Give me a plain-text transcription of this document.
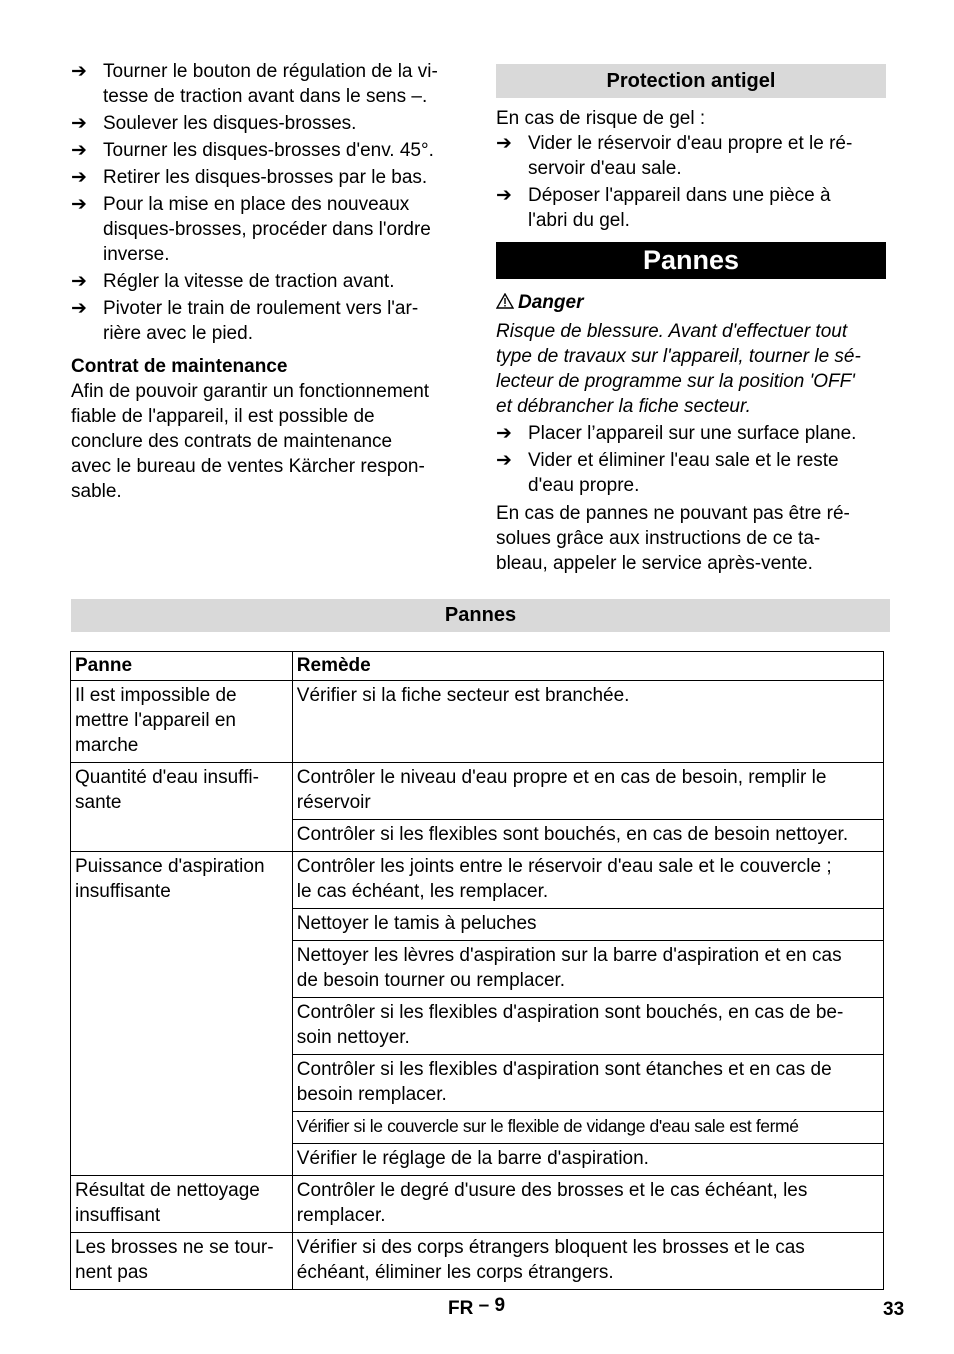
➔ Tourner le bouton de régulation de la vi-
tesse de traction avant dans le sens –.
➔ Soulever les disques-brosses.
➔ Tourner les disques-brosses d'env. 45°.
➔ Retirer les disques-brosses par le bas.
➔ Pour la mise en place des nouveaux
disques-brosses, procéder dans l'ordre
inverse.
➔ Régler la vitesse de traction avant.
➔ Pivoter le train de roulement vers l'ar-
rière avec le pied.
Contrat de maintenance
Afin de pouvoir garantir un fonctionnement
fiable de l'appareil, il est possible de
conclure des contrats de maintenance
avec le bureau de ventes Kärcher respon-
sable.
Protection antigel
En cas de risque de gel :
➔ Vider le réservoir d'eau propre et le ré-
servoir d'eau sale.
➔ Déposer l'appareil dans une pièce à
l'abri du gel.
Pannes
Danger
Risque de blessure. Avant d'effectuer tout
type de travaux sur l'appareil, tourner le sé-
lecteur de programme sur la position 'OFF'
et débrancher la fiche secteur.
➔ Placer l’appareil sur une surface plane.
➔ Vider et éliminer l'eau sale et le reste
d'eau propre.
En cas de pannes ne pouvant pas être ré-
solues grâce aux instructions de ce ta-
bleau, appeler le service après-vente.
Pannes
Panne	Remède
Il est impossible de
mettre l'appareil en
marche	Vérifier si la fiche secteur est branchée.
Quantité d'eau insuffi-
sante	Contrôler le niveau d'eau propre et en cas de besoin, remplir le
réservoir
	Contrôler si les flexibles sont bouchés, en cas de besoin nettoyer.
Puissance d'aspiration
insuffisante	Contrôler les joints entre le réservoir d'eau sale et le couvercle ;
le cas échéant, les remplacer.
	Nettoyer le tamis à peluches
	Nettoyer les lèvres d'aspiration sur la barre d'aspiration et en cas
de besoin tourner ou remplacer.
	Contrôler si les flexibles d'aspiration sont bouchés, en cas de be-
soin nettoyer.
	Contrôler si les flexibles d'aspiration sont étanches et en cas de
besoin remplacer.
	Vérifier si le couvercle sur le flexible de vidange d'eau sale est fermé
	Vérifier le réglage de la barre d'aspiration.
Résultat de nettoyage
insuffisant	Contrôler le degré d'usure des brosses et le cas échéant, les
remplacer.
Les brosses ne se tour-
nent pas	Vérifier si des corps étrangers bloquent les brosses et le cas
échéant, éliminer les corps étrangers.
FR – 9	33
